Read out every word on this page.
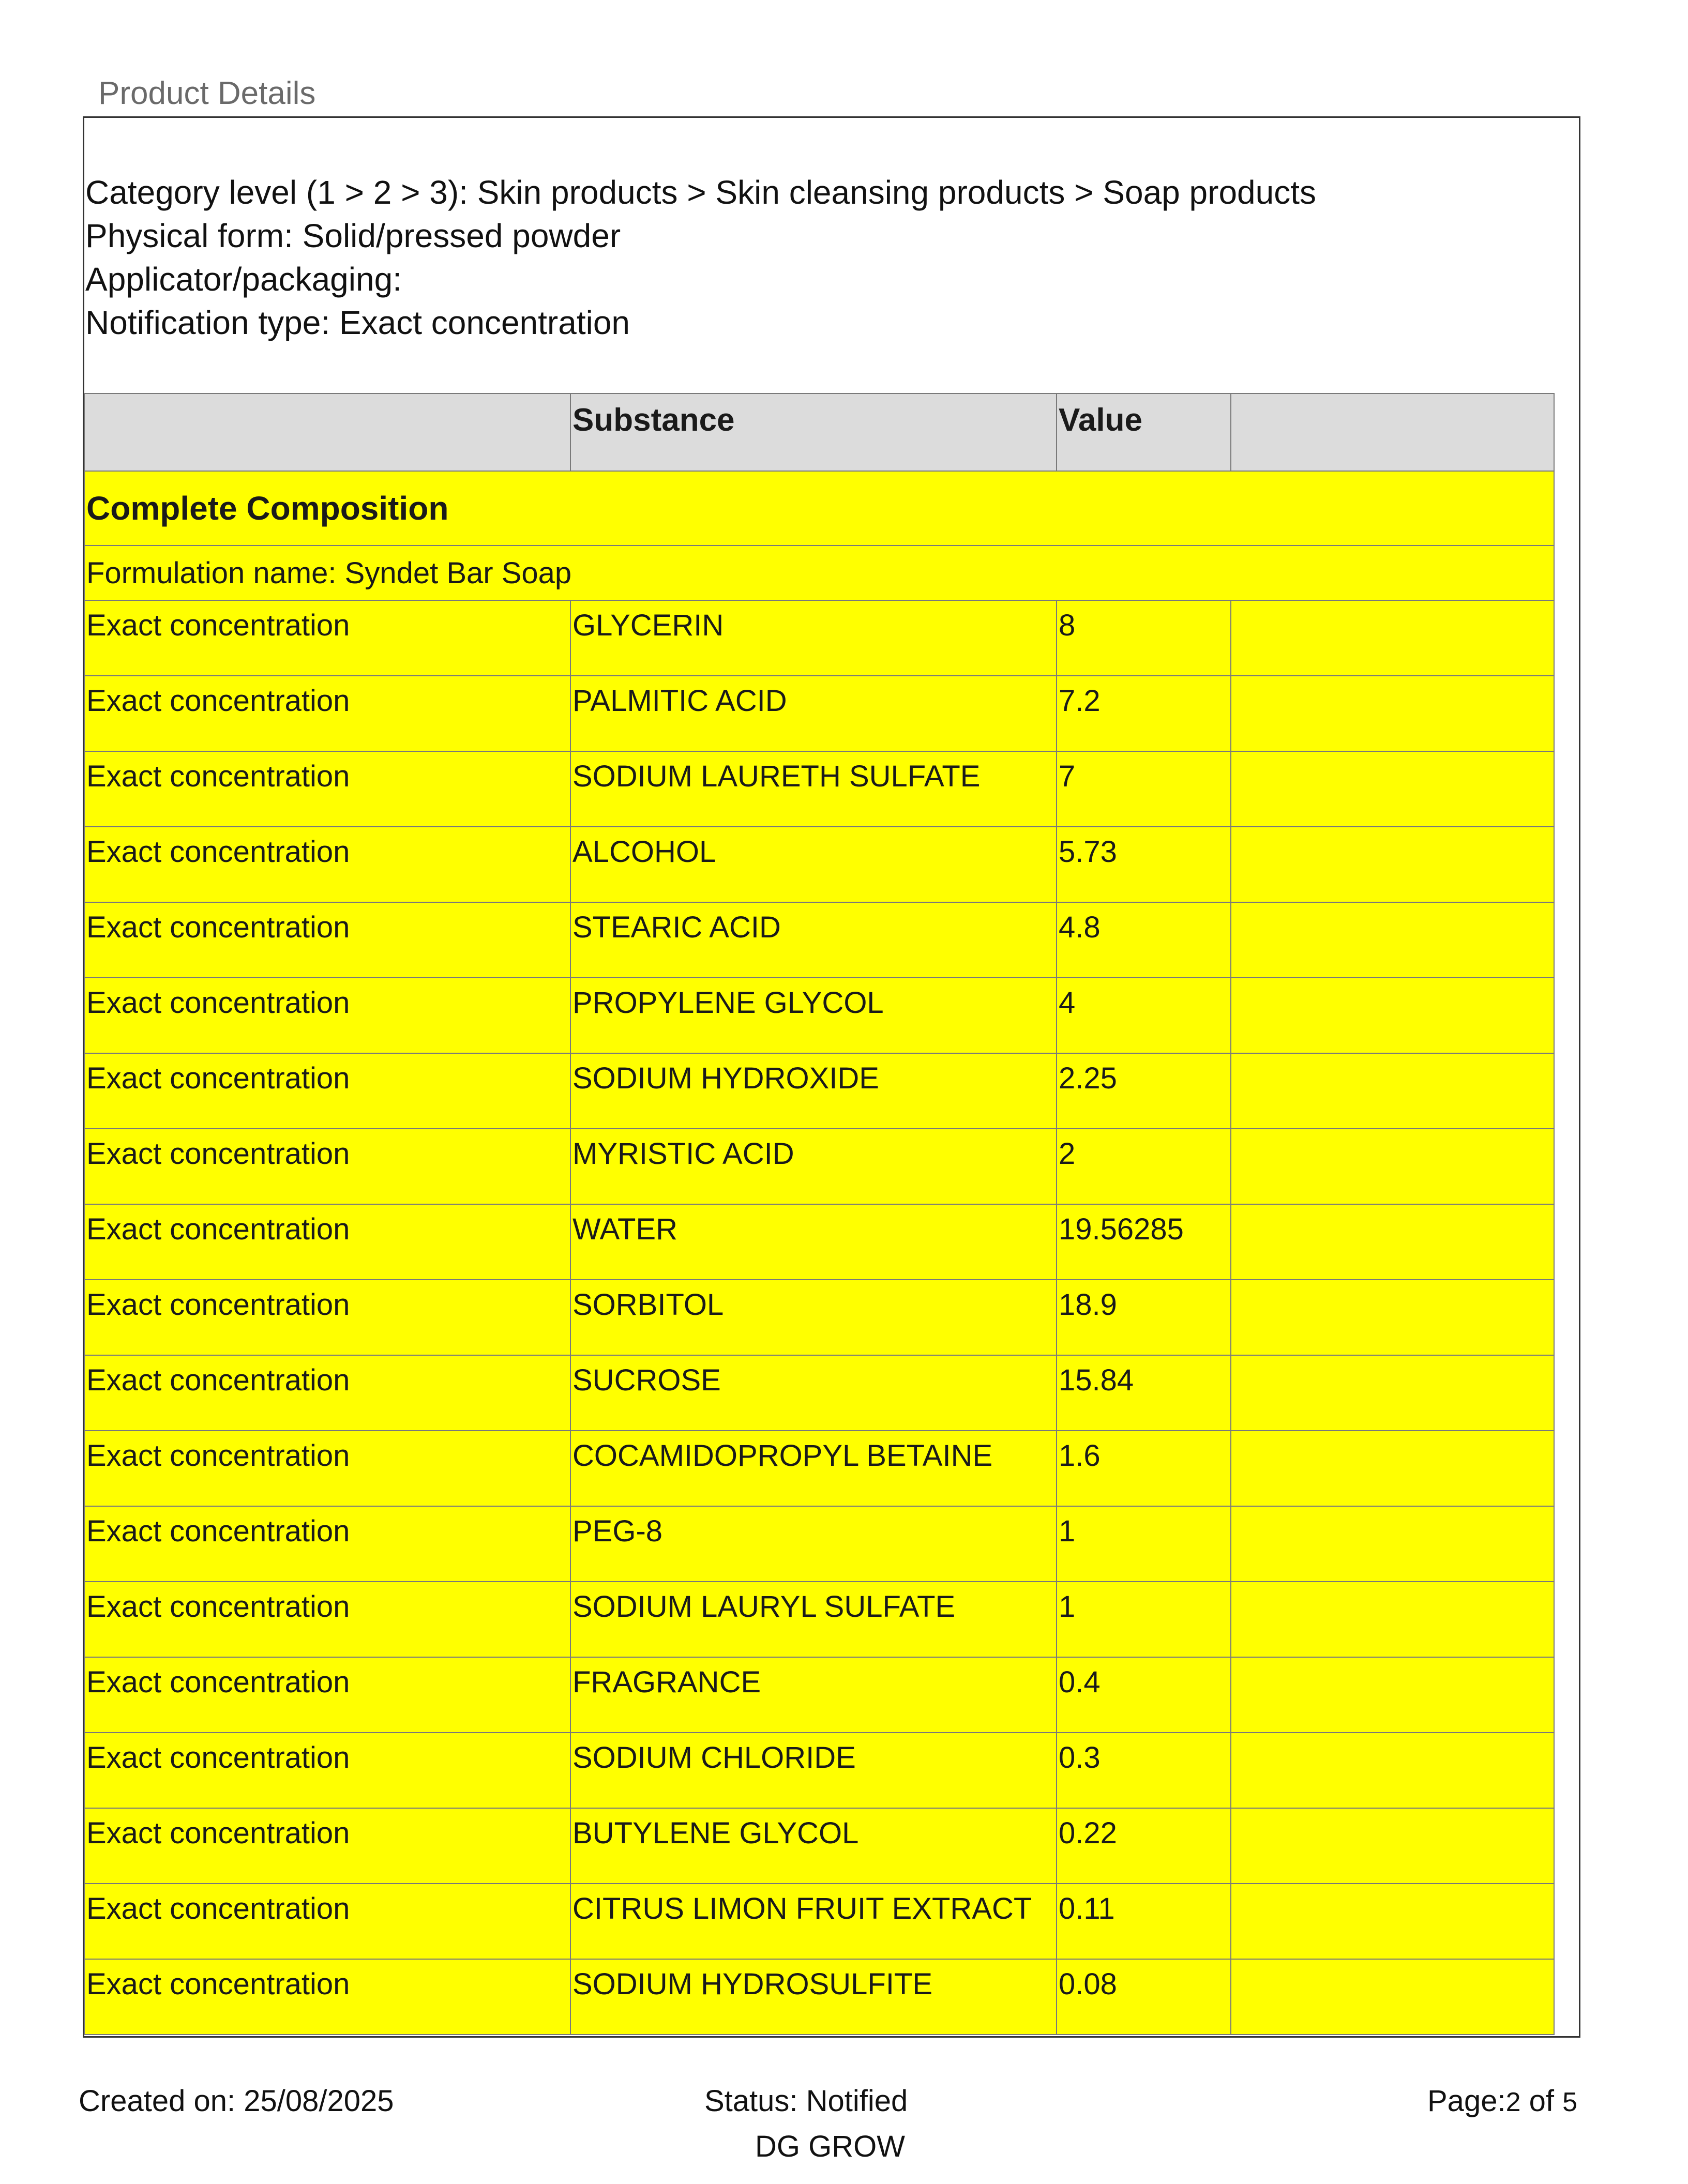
Product Details
Category level (1 > 2 > 3): Skin products > Skin cleansing products > Soap products
Physical form: Solid/pressed powder
Applicator/packaging:
Notification type: Exact concentration
	Substance	Value	
Complete Composition			
Formulation name: Syndet Bar Soap			
Exact concentration	GLYCERIN	8	
Exact concentration	PALMITIC ACID	7.2	
Exact concentration	SODIUM LAURETH SULFATE	7	
Exact concentration	ALCOHOL	5.73	
Exact concentration	STEARIC ACID	4.8	
Exact concentration	PROPYLENE GLYCOL	4	
Exact concentration	SODIUM HYDROXIDE	2.25	
Exact concentration	MYRISTIC ACID	2	
Exact concentration	WATER	19.56285	
Exact concentration	SORBITOL	18.9	
Exact concentration	SUCROSE	15.84	
Exact concentration	COCAMIDOPROPYL BETAINE	1.6	
Exact concentration	PEG-8	1	
Exact concentration	SODIUM LAURYL SULFATE	1	
Exact concentration	FRAGRANCE	0.4	
Exact concentration	SODIUM CHLORIDE	0.3	
Exact concentration	BUTYLENE GLYCOL	0.22	
Exact concentration	CITRUS LIMON FRUIT EXTRACT	0.11	
Exact concentration	SODIUM HYDROSULFITE	0.08	
Created on: 25/08/2025	Status: Notified
DG GROW
Page:2 of 5
